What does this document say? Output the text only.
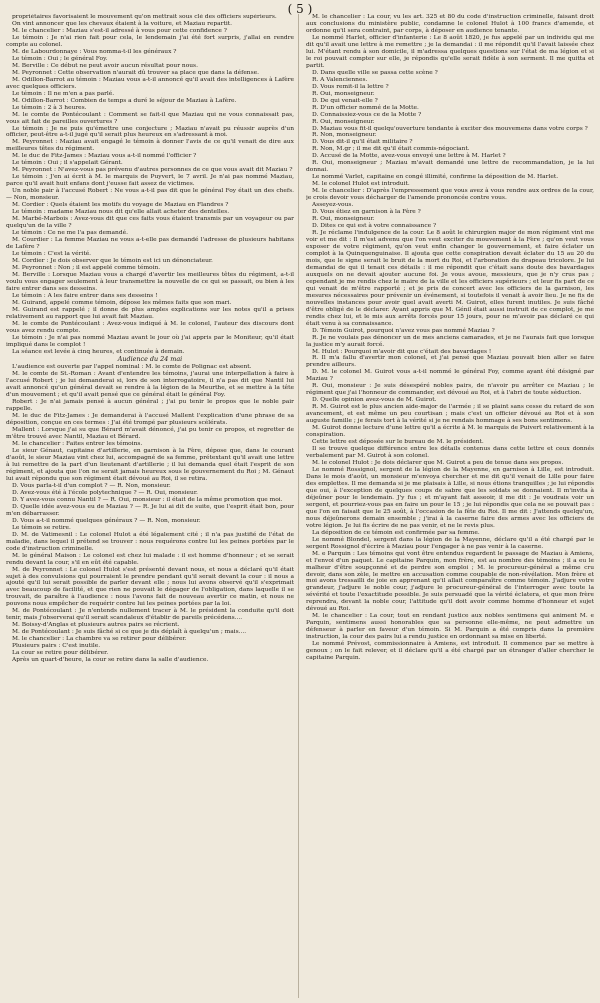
( 5 )

propriétaires favorisaient le mouvement qu'on mettrait sous clé des officiers supérieurs.

On vint annoncer que les chevaux étaient à la voiture, et Maziau repartit.

M. le chancelier : Maziau s'est-il adressé à vous pour cette confidence ?

Le témoin : Je n'ai rien fait pour cela, le lendemain j'ai été fort surpris, j'allai en rendre compte au colonel.

M. de Labourdonnaye : Vous nomma-t-il les généraux ?

Le témoin : Oui ; le général Foy.

M. Berville : Ce début ne peut avoir aucun résultat pour nous.

M. Peyronnet : Cette observation n'aurait dû trouver sa place que dans la défense.

M. Odillon-Barrot au témoin : Maziau vous a-t-il annoncé qu'il avait des intelligences à Lafère avec quelques officiers.

Le témoin : Il ne m'en a pas parlé.

M. Odillon-Barrot : Combien de temps a duré le séjour de Maziau à Lafère.

Le témoin : 2 à 3 heures.

M. le comte de Pontécoulant : Comment se fait-il que Maziau qui ne vous connaissait pas, vous ait fait de pareilles ouvertures ?

Le témoin : Je ne puis qu'émettre une conjecture ; Maziau n'avait pu réussir auprès d'un officier, peut-être a-t-il jugé qu'il serait plus heureux en s'adressant à moi.

M. Peyronnet : Maziau avait engagé le témoin à donner l'avis de ce qu'il venait de dire aux meilleures têtes du régiment.

M. le duc de Fitz-James : Maziau vous a-t-il nommé l'officier ?

Le témoin : Oui ; il s'appelait Gérant.

M. Peyronnet : N'avez-vous pas prévenu d'autres personnes de ce que vous avait dit Maziau ?

Le témoin : J'en ai écrit à M. le marquis de Puyvert, le 7 avril. Je n'ai pas nommé Maziau, parce qu'il avait huit enfans dont j'eusse fait assez de victimes.

Un noble pair à l'accusé Robert : Ne vous a-t-il pas dit que le général Foy était un des chefs. — Non, monsieur.

M. Cordier : Quels étaient les motifs du voyage de Maziau en Flandres ?

Le témoin : madame Maziau nous dit qu'elle allait acheter des dentelles.

M. Marbé-Marbois : Avez-vous dit que ces faits vous étaient transmis par un voyageur ou par quelqu'un de la ville ?

Le témoin : Ce ne me l'a pas demandé.

M. Courdier : La femme Maziau ne vous a-t-elle pas demandé l'adresse de plusieurs habitans de Lafère ?

Le témoin : C'est la vérité.

M. Cordier : Je dois observer que le témoin est ici un dénonciateur.

M. Peyronnet : Non ; il est appelé comme témoin.

M. Berville : Lorsque Maziau vous a chargé d'avertir les meilleures têtes du régiment, a-t-il voulu vous engager seulement à leur transmettre la nouvelle de ce qui se passait, ou bien à les faire entrer dans ses desseins.

Le témoin : A les faire entrer dans ses desseins !

M. Guirand, appelé comme témoin, dépose les mêmes faits que son mari.

M. Guirand est rappelé ; il donne de plus amples explications sur les notes qu'il a prises relativement au rapport que lui avait fait Maziau.

M. le comte de Pontécoulant : Avez-vous indiqué à M. le colonel, l'auteur des discours dont vous avez rendu compte.

Le témoin : Je n'ai pas nommé Maziau avant le jour où j'ai appris par le Moniteur, qu'il était impliqué dans le complot !

La séance est levée à cinq heures, et continuée à demain.

Audience du 24 mai

L'audience est ouverte par l'appel nominal : M. le comte de Polignac est absent.

M. le comte de St.-Roman : Avant d'entendre les témoins, j'aurai une interpellation à faire à l'accusé Robert ; je lui demanderai si, lors de son interrogatoire, il n'a pas dit que Nantil lui avait annoncé qu'un général devait se rendre à la légion de la Meurthe, et se mettre à la tête d'un mouvement ; et qu'il avait pensé que ce général était le général Foy.

Robert : Je n'ai jamais pensé à aucun général ; j'ai pu tenir le propos que le noble pair rappelle.

M. le duc de Fitz-James : Je demanderai à l'accusé Mallent l'explication d'une phrase de sa déposition, conçue en ces termes : J'ai été trompé par plusieurs scélérats.

Mallent : Lorsque j'ai su que Bérard m'avait dénoncé, j'ai pu tenir ce propos, et regretter de m'être trouvé avec Nantil, Maziau et Bérard.

M. le chancelier : Faites entrer les témoins.

Le sieur Génaut, capitaine d'artillerie, en garnison à la Fère, dépose que, dans le courant d'août, le sieur Maziau vint chez lui, accompagné de sa femme, prétextant qu'il avait une lettre à lui remettre de la part d'un lieutenant d'artillerie ; il lui demanda quel était l'esprit de son régiment, et ajouta que l'on ne serait jamais heureux sous le gouvernement du Roi ; M. Génaut lui avait répondu que son régiment était dévoué au Roi, il se retira.

D. Vous parla-t-il d'un complot ? — R. Non, monsieur.

D. Avez-vous été à l'école polytechnique ? — R. Oui, monsieur.

D. Y avez-vous connu Nantil ? — R. Oui, monsieur : il était de la même promotion que moi.

D. Quelle idée avez-vous eu de Maziau ? — R. Je lui ai dit de suite, que l'esprit était bon, pour m'en débarrasser.

D. Vous a-t-il nommé quelques généraux ? — R. Non, monsieur.

Le témoin se retire.

D. M. de Vatimesnil : Le colonel Hulot a été légalement cité ; il n'a pas justifié de l'état de maladie, dans lequel il prétend se trouver : nous requérons contre lui les peines portées par le code d'instruction criminelle.

M. le général Maison : Le colonel est chez lui malade : il est homme d'honneur ; et se serait rendu devant la cour, s'il en eût été capable.

M. de Peyronnet : Le colonel Hulot s'est présenté devant nous, et nous a déclaré qu'il était sujet à des convulsions qui pourraient le prendre pendant qu'il serait devant la cour : il nous a ajouté qu'il lui serait possible de parler devant elle ; nous lui avons observé qu'il s'exprimait avec beaucoup de facilité, et que rien ne pouvait le dégager de l'obligation, dans laquelle il se trouvait, de paraître à l'audience : nous l'avons fait de nouveau avertir ce matin, et nous ne pouvons nous empêcher de requérir contre lui les peines portées par la loi.

M. de Pontécoulant : Je n'entends nullement tracer à M. le président la conduite qu'il doit tenir, mais j'observerai qu'il serait scandaleux d'établir de pareils précédens....

M. Boissy-d'Anglas et plusieurs autres pairs se récrient.

M. de Pontécoulant : Je suis fâché si ce que je dis déplaît à quelqu'un ; mais....

M. le chancelier : La chambre va se retirer pour délibérer.

Plusieurs pairs : C'est inutile.

La cour se retire pour délibérer.

Après un quart-d'heure, la cour se retire dans la salle d'audience.

M. le chancelier : La cour, vu les art. 325 et 80 du code d'instruction criminelle, faisant droit aux conclusions du ministère public, condamne le colonel Hulot à 100 francs d'amende, et ordonne qu'il sera contraint, par corps, à déposer en audience tenante.

Le nommé Harlet, officier d'infanterie : Le 8 août 1820, je fus appelé par un individu qui me dit qu'il avait une lettre à me remettre ; je la demandai : il me répondit qu'il l'avait laissée chez lui. M'étant rendu à son domicile, il m'adressa quelques questions sur l'état de ma légion et si le roi pouvait compter sur elle, je répondis qu'elle serait fidèle à son serment. Il me quitta et partit.

D. Dans quelle ville se passa cette scène ?

R. A Valenciennes.

D. Vous remit-il la lettre ?

R. Oui, monseigneur.

D. De qui venait-elle ?

R. D'un officier nommé de la Motte.

D. Connaissiez-vous ce de la Motte ?

R. Oui, monseigneur.

D. Maziau vous fit-il quelqu'ouverture tendante à exciter des mouvemens dans votre corps ?

R. Non, monseigneur.

D. Vous dit-il qu'il était militaire ?

R. Non, M.gr ; il me dit qu'il était commis-négociant.

D. Accusé de la Motte, avez-vous envoyé une lettre à M. Harlet ?

R. Oui, monseigneur ; Maziau m'avait demandé une lettre de recommandation, je la lui donnai.

Le nommé Varlet, capitaine en congé illimité, confirme la déposition de M. Harlet.

M. le colonel Hulot est introduit.

M. le chancelier : D'après l'empressement que vous avez à vous rendre aux ordres de la cour, je crois devoir vous décharger de l'amende prononcée contre vous.

Asseyez-vous.

D. Vous étiez en garnison à la Fère ?

R. Oui, monseigneur.

D. Dites ce qui est à votre connaissance ?

R. Je réclame l'indulgence de la cour. Le 8 août le chirurgien major de mon régiment vint me voir et me dit : Il m'est advenu que l'on veut exciter du mouvement à la Fère ; qu'on veut vous exposer de votre régiment, qu'on veut enfin changer le gouvernement, et faire éclater un complot à la Quinquenguinaise. Il ajouta que cette conspiration devait éclater du 15 au 20 du mois, que le signe serait le bruit de la mort du Roi, et l'arboration du drapeau tricolore. Je lui demandai de qui il tenait ces détails : il me répondit que c'était sans doute des bavardages auxquels on ne devait ajouter aucune foi. Je vous avoue, messieurs, que je n'y crus pas ; cependant je me rendis chez le maire de la ville et les officiers supérieurs ; et leur fis part de ce qui venait de m'être rapporté ; et je pris de concert avec les officiers de la garnison, les mesures nécessaires pour prévenir un événement, si toutefois il venait à avoir lieu. Je ne fis de nouvelles instances pour avoir quel avait averti M. Guirot, elles furent inutiles. Je suis fâché d'être obligé de le déclarer. Ayant appris que M. Génil était aussi instruit de ce complot, je me rendis chez lui, et le mis aux arrêts forcés pour 15 jours, pour ne m'avoir pas déclaré ce qui était venu à sa connaissance.

D. Témoin Guirot, pourquoi n'avez vous pas nommé Maziau ?

R. Je ne voulais pas dénoncer un de mes anciens camarades, et je ne l'aurais fait que lorsque la justice m'y aurait forcé.

M. Hulot : Pourquoi m'avoir dit que c'était des bavardages !

R. Il m'a fallu d'avertir mon colonel, et j'ai pensé que Maziau pouvait bien aller se faire prendre ailleurs.

D. M. le colonel M. Guirot vous a-t-il nommé le général Foy, comme ayant été désigné par Maziau ?

R. Oui, monsieur : Je suis désespéré nobles pairs, de n'avoir pu arrêter ce Maziau ; le régiment que j'ai l'honneur de commander, est dévoué au Roi, et à l'abri de toute séduction.

D. Quelle opinion avez-vous de M. Guirot.

R. M. Guirot est le plus ancien aide-major de l'armée ; il se plaint sans cesse du retard de son avancement, et est même un peu courtisan ; mais c'est un officier dévoué au Roi et à son auguste famille ; je ferais tort à la vérité si je ne rendais hommage à ses bons sentimens.

M. Guirot donne lecture d'une lettre qu'il a écrite à M. le marquis de Puivert relativement à la conspiration.

Cette lettre est déposée sur le bureau de M. le président.

Il se trouve quelque différence entre les détails contenus dans cette lettre et ceux donnés verbalement par M. Guirot à son colonel.

M. le colonel Hulot : Je dois déclarer que M. Guirot a peu de tenue dans ses propos.

Le nommé Rossignol, sergent de la légion de la Mayenne, en garnison à Lille, est introduit. Dans le mois d'août, un monsieur m'envoya chercher et me dit qu'il venait de Lille pour faire des emplettes. Il me demanda si je me plaisais à Lille, si nous étions tranquilles ; je lui répondis que oui, à l'exception de quelques coups de sabre que les soldats se donnaient. Il m'invita à déjeûner pour le lendemain. J'y fus ; et m'ayant fait asseoir, il me dit : Je voudrais voir un sergent, et pourriez-vous pas en faire un pour le 15 ; je lui répondis que cela ne se pouvait pas : que l'on en faisait que le 25 août, à l'occasion de la fête du Roi. Il me dit : J'attends quelqu'un, nous déjeûnerons demain ensemble ; j'irai à la caserne faire des armes avec les officiers de votre légion. Je lui fis écrire de ne pas venir, et ne le revis plus.

La déposition de ce témoin est confirmée par sa femme.

Le nommé Blondel, sergent dans la légion de la Mayenne, déclare qu'il a été chargé par le sergent Rossignol d'écrire à Maziau pour l'engager à ne pas venir à la caserne.

M. e Parquin : Les témoins qui vont être entendus regardent le passage de Maziau à Amiens, et l'envoi d'un paquet. Le capitaine Parquin, mon frère, est au nombre des témoins ; il a eu le malheur d'être soupçonné et de perdre son emploi ; M. le procureur-général a même cru devoir, dans son zèle, le mettre en accusation comme coupable de non-révélation. Mon frère et moi avons tressailli de joie en apprenant qu'il allait comparaître comme témoin. J'adjure votre grandeur, j'adjure le noble cour, j'adjure le procureur-général de l'interroger avec toute la sévérité et toute l'exactitude possible. Je suis persuadé que la vérité éclatera, et que mon frère reprendra, devant la noble cour, l'attitude qu'il doit avoir comme homme d'honneur et sujet dévoué au Roi.

M. le chancelier : La cour, tout en rendant justice aux nobles sentimens qui animent M. e Parquin, sentimens aussi honorables que sa personne elle-même, ne peut admettre un défenseur à parler en faveur d'un témoin. Si M. Parquin a été compris dans la première instruction, la cour des pairs lui a rendu justice en ordonnant sa mise en liberté.

Le nommé Prévost, commissionnaire à Amiens, est introduit. Il commence par se mettre à genoux ; on le fait relever, et il déclare qu'il a été chargé par un étranger d'aller chercher le capitaine Parquin.
